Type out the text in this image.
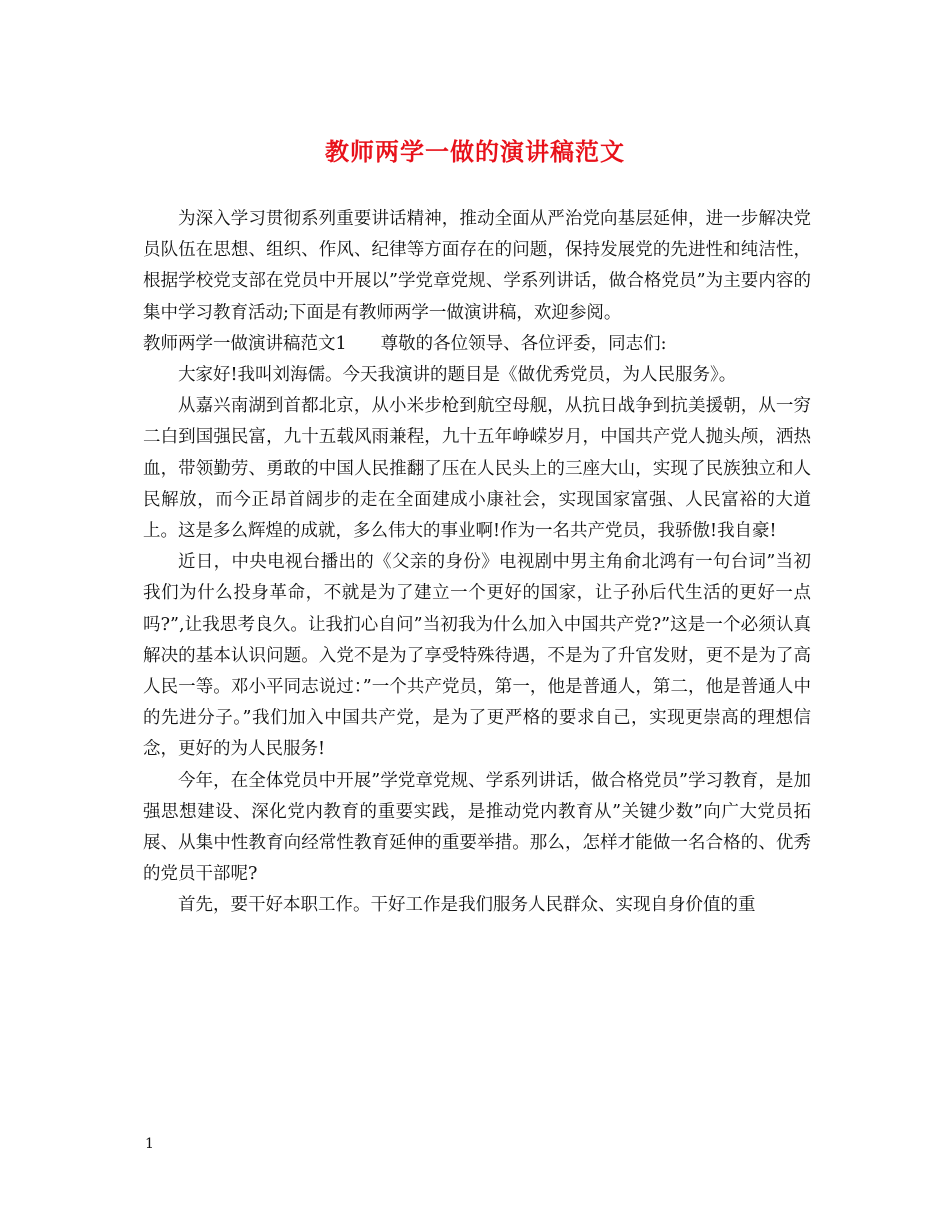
教师两学一做的演讲稿范文

为深入学习贯彻系列重要讲话精神，推动全面从严治党向基层延伸，进一步解决党员队伍在思想、组织、作风、纪律等方面存在的问题，保持发展党的先进性和纯洁性，根据学校党支部在党员中开展以”学党章党规、学系列讲话，做合格党员”为主要内容的集中学习教育活动;下面是有教师两学一做演讲稿，欢迎参阅。

教师两学一做演讲稿范文1 尊敬的各位领导、各位评委，同志们:

大家好!我叫刘海儒。今天我演讲的题目是《做优秀党员，为人民服务》。

从嘉兴南湖到首都北京，从小米步枪到航空母舰，从抗日战争到抗美援朝，从一穷二白到国强民富，九十五载风雨兼程，九十五年峥嵘岁月，中国共产党人抛头颅，洒热血，带领勤劳、勇敢的中国人民推翻了压在人民头上的三座大山，实现了民族独立和人民解放，而今正昂首阔步的走在全面建成小康社会，实现国家富强、人民富裕的大道上。这是多么辉煌的成就，多么伟大的事业啊!作为一名共产党员，我骄傲!我自豪!

近日，中央电视台播出的《父亲的身份》电视剧中男主角俞北鸿有一句台词”当初我们为什么投身革命，不就是为了建立一个更好的国家，让子孙后代生活的更好一点吗?”,让我思考良久。让我扪心自问”当初我为什么加入中国共产党?”这是一个必须认真解决的基本认识问题。入党不是为了享受特殊待遇，不是为了升官发财，更不是为了高人民一等。邓小平同志说过：”一个共产党员，第一，他是普通人，第二，他是普通人中的先进分子。”我们加入中国共产党，是为了更严格的要求自己，实现更崇高的理想信念，更好的为人民服务!

今年，在全体党员中开展”学党章党规、学系列讲话，做合格党员”学习教育，是加强思想建设、深化党内教育的重要实践，是推动党内教育从”关键少数”向广大党员拓展、从集中性教育向经常性教育延伸的重要举措。那么，怎样才能做一名合格的、优秀的党员干部呢?

首先，要干好本职工作。干好工作是我们服务人民群众、实现自身价值的重

1
